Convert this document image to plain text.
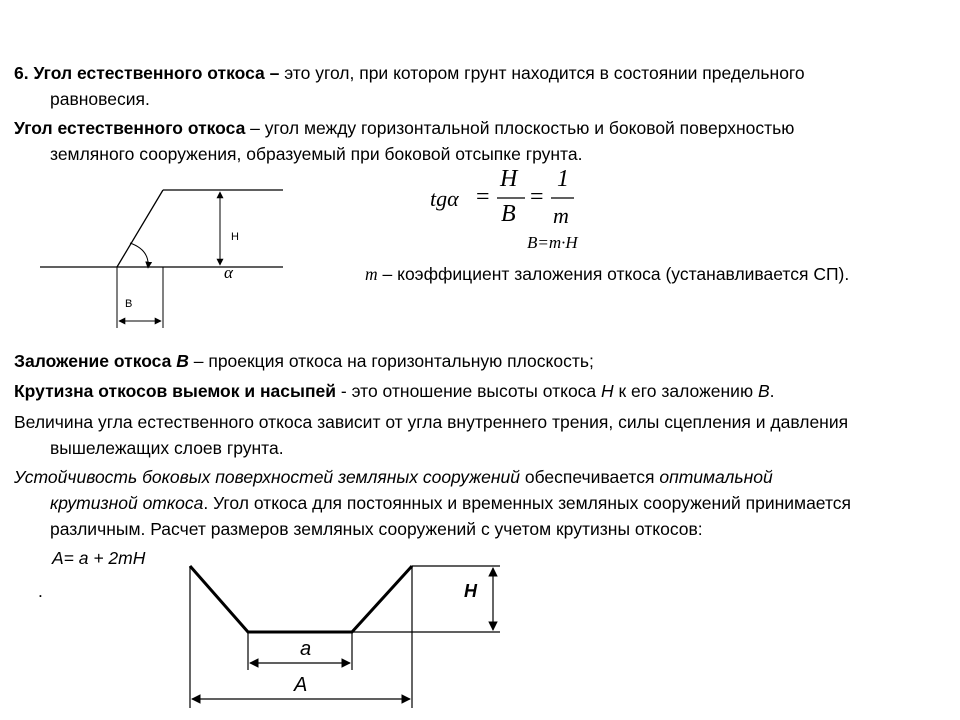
6. Угол естественного откоса – это угол, при котором грунт находится в состоянии предельного
равновесия.
Угол естественного откоса – угол между горизонтальной плоскостью и боковой поверхностью
земляного сооружения, образуемый при боковой отсыпке грунта.
Н
α
В
tgα =
H
B
=
1
m
B=m·H
m – коэффициент заложения откоса (устанавливается СП).
Заложение откоса В – проекция откоса на горизонтальную плоскость;
Крутизна откосов выемок и насыпей - это отношение высоты откоса Н к его заложению В.
Величина угла естественного откоса зависит от угла внутреннего трения, силы сцепления и давления
вышележащих слоев грунта.
Устойчивость боковых поверхностей земляных сооружений обеспечивается оптимальной
крутизной откоса. Угол откоса для постоянных и временных земляных сооружений принимается
различным. Расчет размеров земляных сооружений с учетом крутизны откосов:
А= а + 2mH
.	H
a
A
